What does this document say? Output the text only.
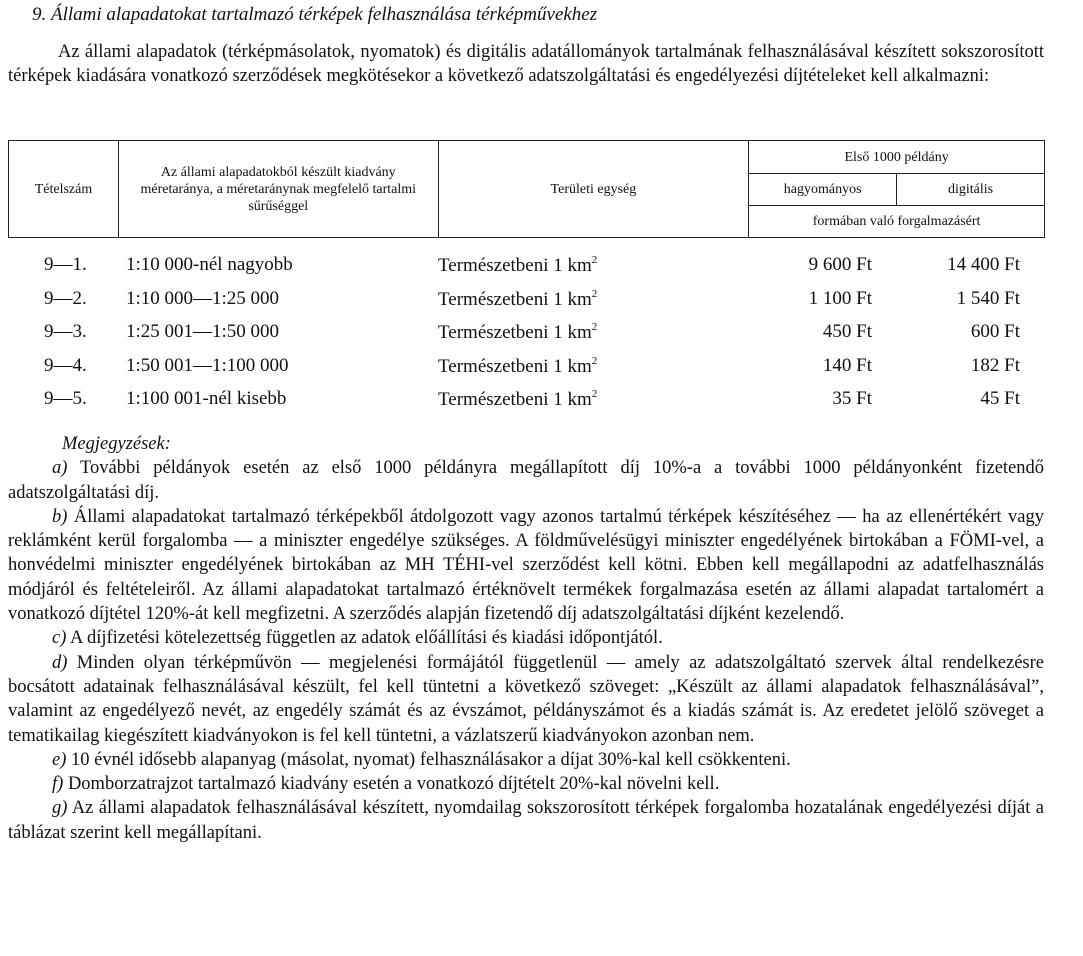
9. Állami alapadatokat tartalmazó térképek felhasználása térképművekhez

Az állami alapadatok (térképmásolatok, nyomatok) és digitális adatállományok tartalmának felhasználásával készített sokszorosított térképek kiadására vonatkozó szerződések megkötésekor a következő adatszolgáltatási és engedélyezési díjtételeket kell alkalmazni:

Tételszám	Az állami alapadatokból készült kiadvány méretaránya, a méretaránynak megfelelő tartalmi sűrűséggel	Területi egység	Első 1000 példány	
			hagyományos	digitális
			formában való forgalmazásért	
9—1. 1:10 000-nél nagyobb	Természetbeni 1 $km^2$	9 600 Ft	14 400 Ft
9—2. 1:10 000—1:25 000	Természetbeni 1 $km^2$	1 100 Ft	1 540 Ft
9—3. 1:25 001—1:50 000	Természetbeni 1 $km^2$	450 Ft	600 Ft
9—4. 1:50 001—1:100 000	Természetbeni 1 $km^2$	140 Ft	182 Ft
9—5. 1:100 001-nél kisebb	Természetbeni 1 $km^2$	35 Ft	45 Ft
Megjegyzések:

a) További példányok esetén az első 1000 példányra megállapított díj 10%-a a további 1000 példányonként fizetendő adatszolgáltatási díj.

b) Állami alapadatokat tartalmazó térképekből átdolgozott vagy azonos tartalmú térképek készítéséhez — ha az ellenértékért vagy reklámként kerül forgalomba — a miniszter engedélye szükséges. A földművelésügyi miniszter engedélyének birtokában a FÖMI-vel, a honvédelmi miniszter engedélyének birtokában az MH TÉHI-vel szerződést kell kötni. Ebben kell megállapodni az adatfelhasználás módjáról és feltételeiről. Az állami alapadatokat tartalmazó értéknövelt termékek forgalmazása esetén az állami alapadat tartalomért a vonatkozó díjtétel 120%-át kell megfizetni. A szerződés alapján fizetendő díj adatszolgáltatási díjként kezelendő.

c) A díjfizetési kötelezettség független az adatok előállítási és kiadási időpontjától.

d) Minden olyan térképművön — megjelenési formájától függetlenül — amely az adatszolgáltató szervek által rendelkezésre bocsátott adatainak felhasználásával készült, fel kell tüntetni a következő szöveget: „Készült az állami alapadatok felhasználásával”, valamint az engedélyező nevét, az engedély számát és az évszámot, példányszámot és a kiadás számát is. Az eredetet jelölő szöveget a tematikailag kiegészített kiadványokon is fel kell tüntetni, a vázlatszerű kiadványokon azonban nem.

e) 10 évnél idősebb alapanyag (másolat, nyomat) felhasználásakor a díjat 30%-kal kell csökkenteni.

f) Domborzatrajzot tartalmazó kiadvány esetén a vonatkozó díjtételt 20%-kal növelni kell.

g) Az állami alapadatok felhasználásával készített, nyomdailag sokszorosított térképek forgalomba hozatalának engedélyezési díját a táblázat szerint kell megállapítani.
